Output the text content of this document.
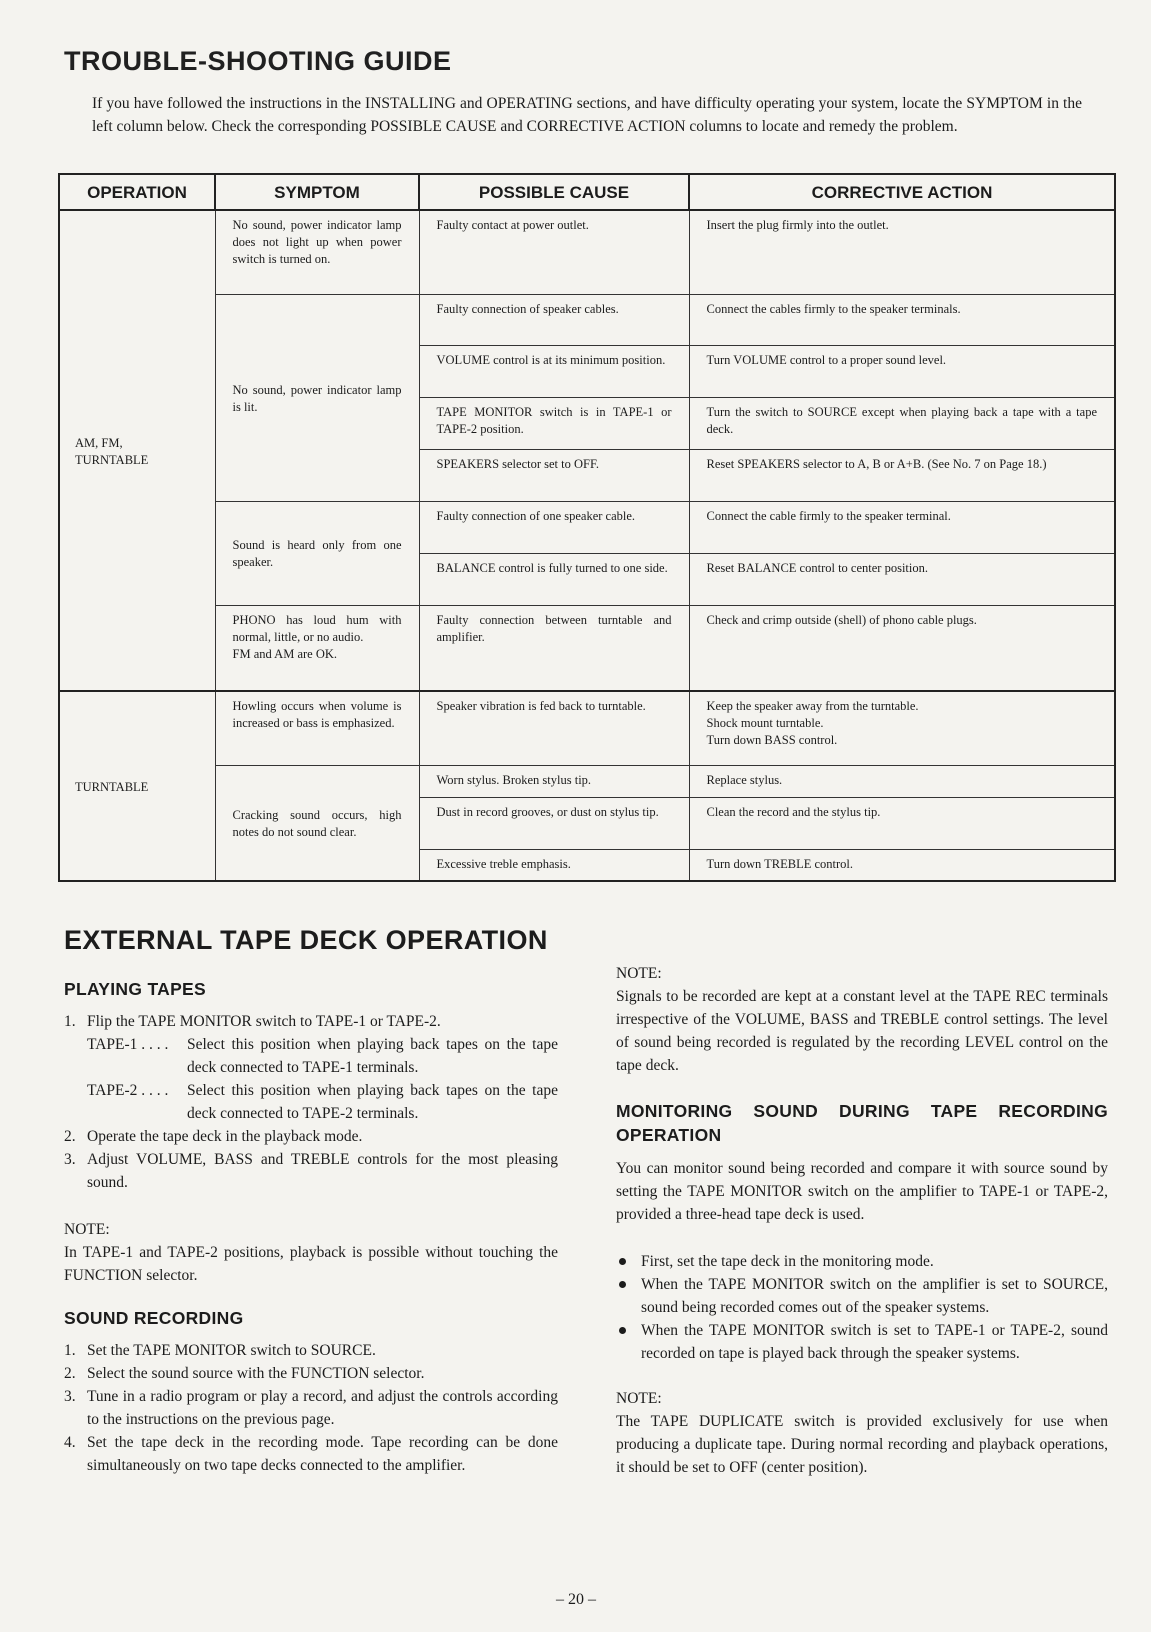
TROUBLE-SHOOTING GUIDE

If you have followed the instructions in the INSTALLING and OPERATING sections, and have difficulty operating your system, locate the SYMPTOM in the left column below. Check the corresponding POSSIBLE CAUSE and CORRECTIVE ACTION columns to locate and remedy the problem.

OPERATION	SYMPTOM	POSSIBLE CAUSE	CORRECTIVE ACTION

AM, FM,
TURNTABLE	No sound, power indicator lamp does not light up when power switch is turned on.	Faulty contact at power outlet.	Insert the plug firmly into the outlet.
	No sound, power indicator lamp is lit.	Faulty connection of speaker cables.	Connect the cables firmly to the speaker terminals.
		VOLUME control is at its minimum position.	Turn VOLUME control to a proper sound level.
		TAPE MONITOR switch is in TAPE-1 or TAPE-2 position.	Turn the switch to SOURCE except when playing back a tape with a tape deck.
		SPEAKERS selector set to OFF.	Reset SPEAKERS selector to A, B or A+B. (See No. 7 on Page 18.)
	Sound is heard only from one speaker.	Faulty connection of one speaker cable.	Connect the cable firmly to the speaker terminal.
		BALANCE control is fully turned to one side.	Reset BALANCE control to center position.

	PHONO has loud hum with normal, little, or no audio.
FM and AM are OK.	Faulty connection between turntable and amplifier.	Check and crimp outside (shell) of phono cable plugs.

TURNTABLE	Howling occurs when volume is increased or bass is emphasized.	Speaker vibration is fed back to turntable.	Keep the speaker away from the turntable.
Shock mount turntable.
Turn down BASS control.

	Cracking sound occurs, high notes do not sound clear.	Worn stylus. Broken stylus tip.	Replace stylus.
		Dust in record grooves, or dust on stylus tip.	Clean the record and the stylus tip.
		Excessive treble emphasis.	Turn down TREBLE control.
EXTERNAL TAPE DECK OPERATION
PLAYING TAPES
1. Flip the TAPE MONITOR switch to TAPE-1 or TAPE-2.
TAPE-1 . . . .	Select this position when playing back tapes on the tape deck connected to TAPE-1 terminals.
TAPE-2 . . . .	Select this position when playing back tapes on the tape deck connected to TAPE-2 terminals.
2. Operate the tape deck in the playback mode.
3. Adjust VOLUME, BASS and TREBLE controls for the most pleasing sound.

NOTE:

In TAPE-1 and TAPE-2 positions, playback is possible without touching the FUNCTION selector.

SOUND RECORDING
1. Set the TAPE MONITOR switch to SOURCE.
2. Select the sound source with the FUNCTION selector.
3. Tune in a radio program or play a record, and adjust the controls according to the instructions on the previous page.
4. Set the tape deck in the recording mode. Tape recording can be done simultaneously on two tape decks connected to the amplifier.

NOTE:

Signals to be recorded are kept at a constant level at the TAPE REC terminals irrespective of the VOLUME, BASS and TREBLE control settings. The level of sound being recorded is regulated by the recording LEVEL control on the tape deck.

MONITORING SOUND DURING TAPE RECORDING OPERATION

You can monitor sound being recorded and compare it with source sound by setting the TAPE MONITOR switch on the amplifier to TAPE-1 or TAPE-2, provided a three-head tape deck is used.

First, set the tape deck in the monitoring mode.
When the TAPE MONITOR switch on the amplifier is set to SOURCE, sound being recorded comes out of the speaker systems.
When the TAPE MONITOR switch is set to TAPE-1 or TAPE-2, sound recorded on tape is played back through the speaker systems.

NOTE:

The TAPE DUPLICATE switch is provided exclusively for use when producing a duplicate tape. During normal recording and playback operations, it should be set to OFF (center position).

– 20 –
